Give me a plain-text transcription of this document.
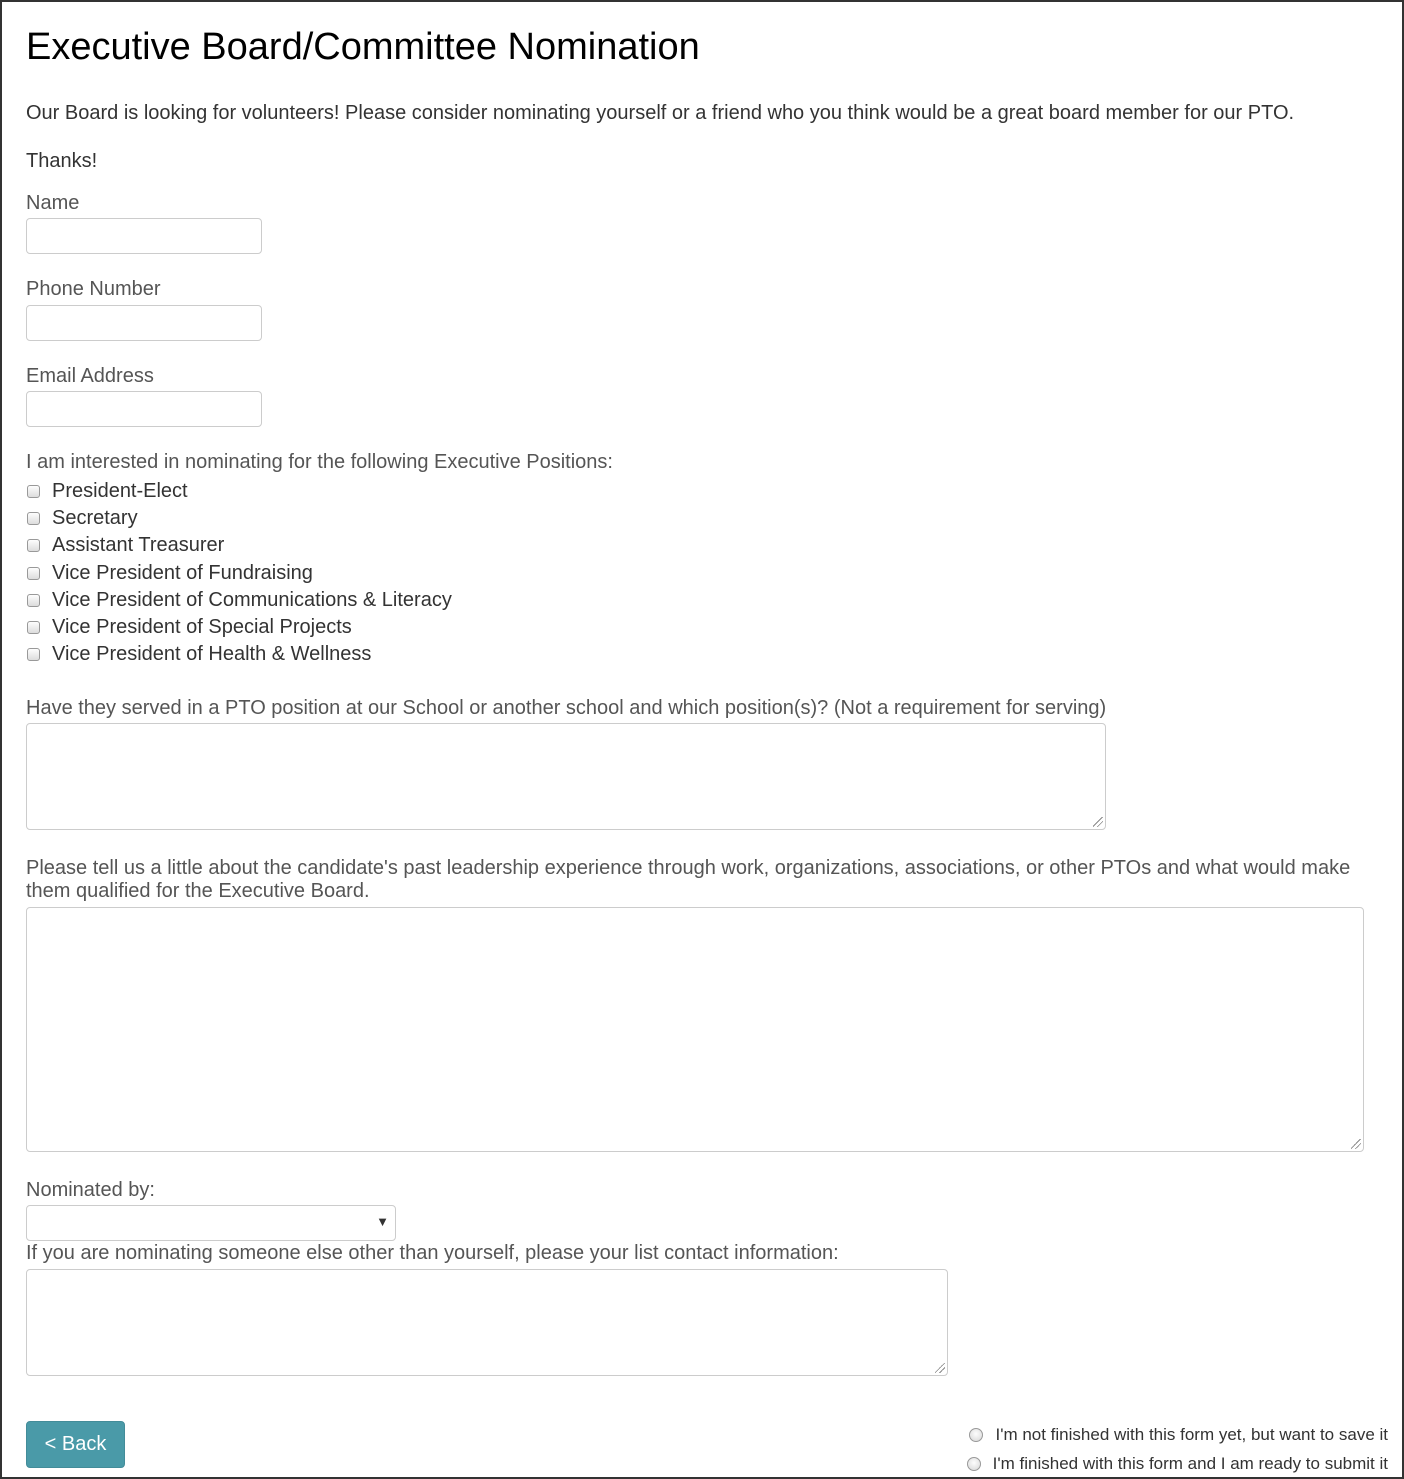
Executive Board/Committee Nomination
Our Board is looking for volunteers! Please consider nominating yourself or a friend who you think would be a great board member for our PTO.
Thanks!
Name
Phone Number
Email Address
I am interested in nominating for the following Executive Positions:
President-Elect
Secretary
Assistant Treasurer
Vice President of Fundraising
Vice President of Communications & Literacy
Vice President of Special Projects
Vice President of Health & Wellness
Have they served in a PTO position at our School or another school and which position(s)? (Not a requirement for serving)
Please tell us a little about the candidate's past leadership experience through work, organizations, associations, or other PTOs and what would make them qualified for the Executive Board.
Nominated by:
▼
If you are nominating someone else other than yourself, please your list contact information:
< Back	I'm not finished with this form yet, but want to save it
I'm finished with this form and I am ready to submit it
